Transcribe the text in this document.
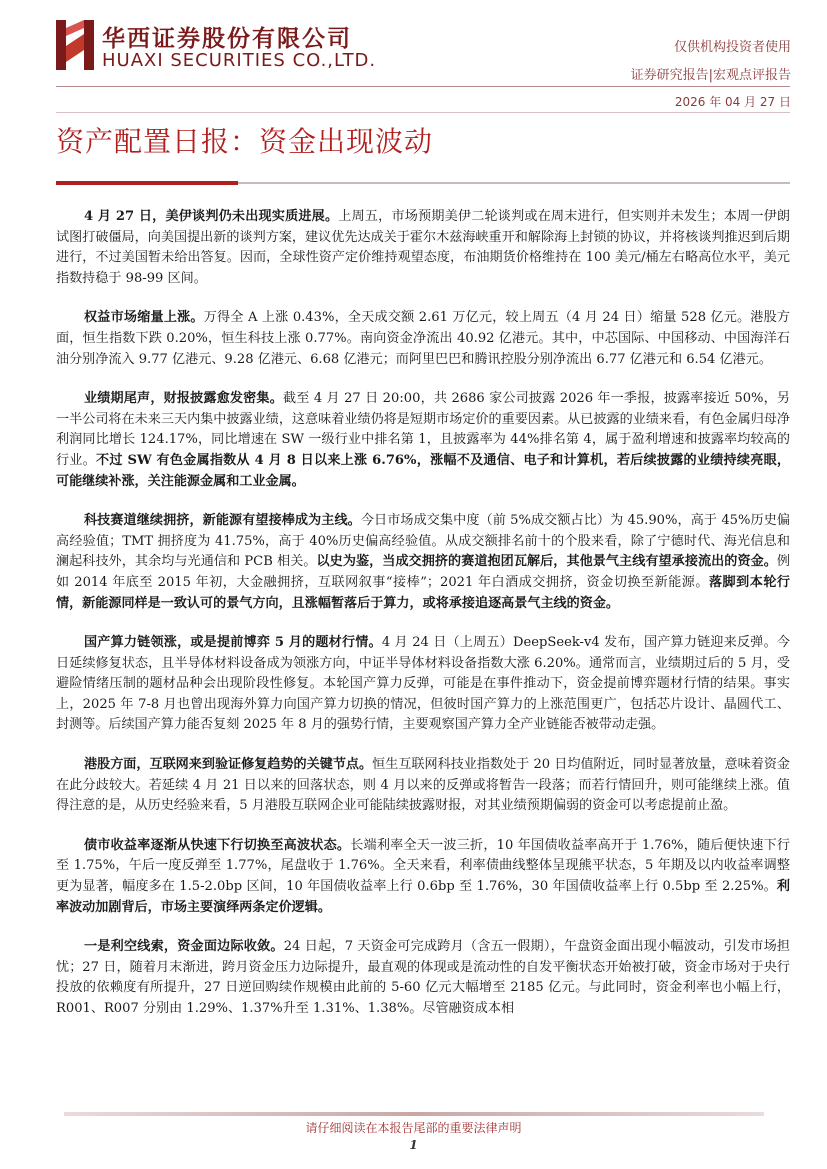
华西证券股份有限公司
HUAXI SECURITIES CO.,LTD.
仅供机构投资者使用
证券研究报告|宏观点评报告
2026 年 04 月 27 日
资产配置日报：资金出现波动

4 月 27 日，美伊谈判仍未出现实质进展。上周五，市场预期美伊二轮谈判或在周末进行，但实则并未发生；本周一伊朗试图打破僵局，向美国提出新的谈判方案，建议优先达成关于霍尔木兹海峡重开和解除海上封锁的协议，并将核谈判推迟到后期进行，不过美国暂未给出答复。因而，全球性资产定价维持观望态度，布油期货价格维持在 100 美元/桶左右略高位水平，美元指数持稳于 98-99 区间。

权益市场缩量上涨。万得全 A 上涨 0.43%，全天成交额 2.61 万亿元，较上周五（4 月 24 日）缩量 528 亿元。港股方面，恒生指数下跌 0.20%，恒生科技上涨 0.77%。南向资金净流出 40.92 亿港元。其中，中芯国际、中国移动、中国海洋石油分别净流入 9.77 亿港元、9.28 亿港元、6.68 亿港元；而阿里巴巴和腾讯控股分别净流出 6.77 亿港元和 6.54 亿港元。

业绩期尾声，财报披露愈发密集。截至 4 月 27 日 20:00，共 2686 家公司披露 2026 年一季报，披露率接近 50%，另一半公司将在未来三天内集中披露业绩，这意味着业绩仍将是短期市场定价的重要因素。从已披露的业绩来看，有色金属归母净利润同比增长 124.17%，同比增速在 SW 一级行业中排名第 1，且披露率为 44%排名第 4，属于盈利增速和披露率均较高的行业。不过 SW 有色金属指数从 4 月 8 日以来上涨 6.76%，涨幅不及通信、电子和计算机，若后续披露的业绩持续亮眼，可能继续补涨，关注能源金属和工业金属。

科技赛道继续拥挤，新能源有望接棒成为主线。今日市场成交集中度（前 5%成交额占比）为 45.90%，高于 45%历史偏高经验值；TMT 拥挤度为 41.75%，高于 40%历史偏高经验值。从成交额排名前十的个股来看，除了宁德时代、海光信息和澜起科技外，其余均与光通信和 PCB 相关。以史为鉴，当成交拥挤的赛道抱团瓦解后，其他景气主线有望承接流出的资金。例如 2014 年底至 2015 年初，大金融拥挤，互联网叙事“接棒”；2021 年白酒成交拥挤，资金切换至新能源。落脚到本轮行情，新能源同样是一致认可的景气方向，且涨幅暂落后于算力，或将承接追逐高景气主线的资金。

国产算力链领涨，或是提前博弈 5 月的题材行情。4 月 24 日（上周五）DeepSeek-v4 发布，国产算力链迎来反弹。今日延续修复状态，且半导体材料设备成为领涨方向，中证半导体材料设备指数大涨 6.20%。通常而言，业绩期过后的 5 月，受避险情绪压制的题材品种会出现阶段性修复。本轮国产算力反弹，可能是在事件推动下，资金提前博弈题材行情的结果。事实上，2025 年 7-8 月也曾出现海外算力向国产算力切换的情况，但彼时国产算力的上涨范围更广，包括芯片设计、晶圆代工、封测等。后续国产算力能否复刻 2025 年 8 月的强势行情，主要观察国产算力全产业链能否被带动走强。

港股方面，互联网来到验证修复趋势的关键节点。恒生互联网科技业指数处于 20 日均值附近，同时显著放量，意味着资金在此分歧较大。若延续 4 月 21 日以来的回落状态，则 4 月以来的反弹或将暂告一段落；而若行情回升，则可能继续上涨。值得注意的是，从历史经验来看，5 月港股互联网企业可能陆续披露财报，对其业绩预期偏弱的资金可以考虑提前止盈。

债市收益率逐渐从快速下行切换至高波状态。长端利率全天一波三折，10 年国债收益率高开于 1.76%，随后便快速下行至 1.75%，午后一度反弹至 1.77%，尾盘收于 1.76%。全天来看，利率债曲线整体呈现熊平状态，5 年期及以内收益率调整更为显著，幅度多在 1.5-2.0bp 区间，10 年国债收益率上行 0.6bp 至 1.76%，30 年国债收益率上行 0.5bp 至 2.25%。利率波动加剧背后，市场主要演绎两条定价逻辑。

一是利空线索，资金面边际收敛。24 日起，7 天资金可完成跨月（含五一假期），午盘资金面出现小幅波动，引发市场担忧；27 日，随着月末渐进，跨月资金压力边际提升，最直观的体现或是流动性的自发平衡状态开始被打破，资金市场对于央行投放的依赖度有所提升，27 日逆回购续作规模由此前的 5-60 亿元大幅增至 2185 亿元。与此同时，资金利率也小幅上行，R001、R007 分别由 1.29%、1.37%升至 1.31%、1.38%。尽管融资成本相

请仔细阅读在本报告尾部的重要法律声明
1
